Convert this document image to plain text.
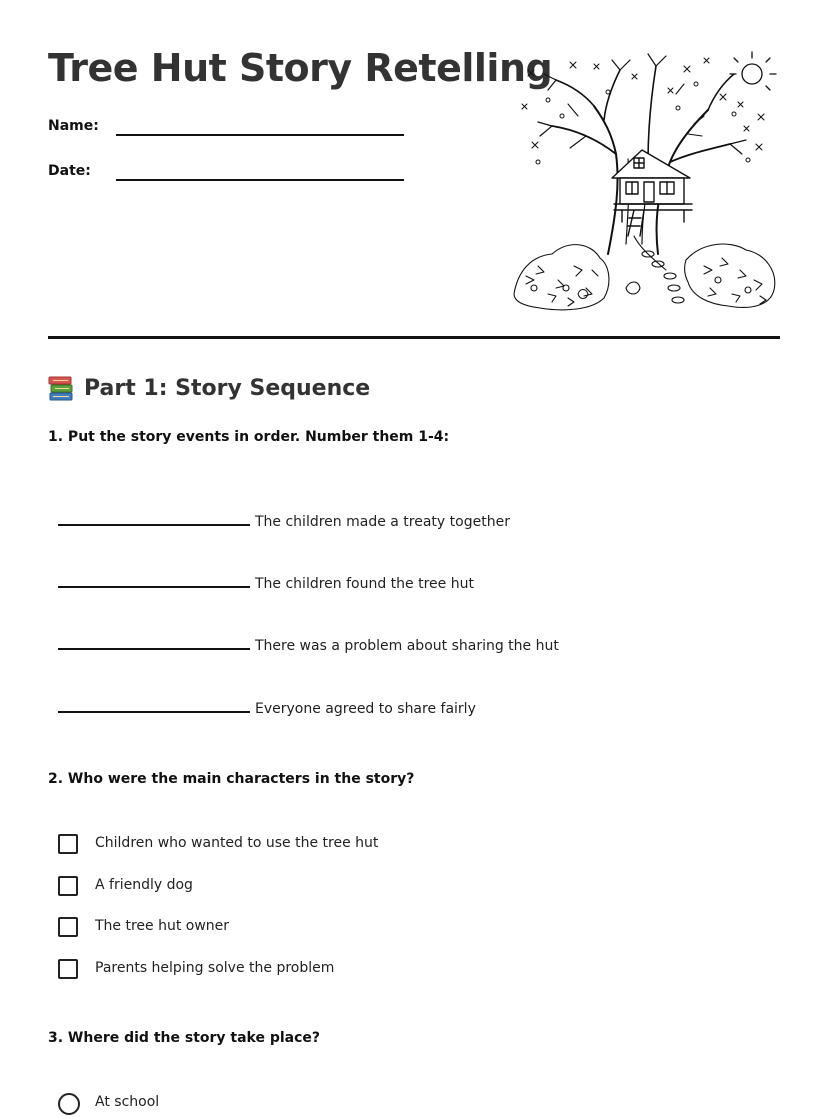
Tree Hut Story Retelling
Name:
Date:
Part 1: Story Sequence

1. Put the story events in order. Number them 1-4:

The children made a treaty together
The children found the tree hut
There was a problem about sharing the hut
Everyone agreed to share fairly

2. Who were the main characters in the story?

Children who wanted to use the tree hut
A friendly dog
The tree hut owner
Parents helping solve the problem

3. Where did the story take place?

At school
